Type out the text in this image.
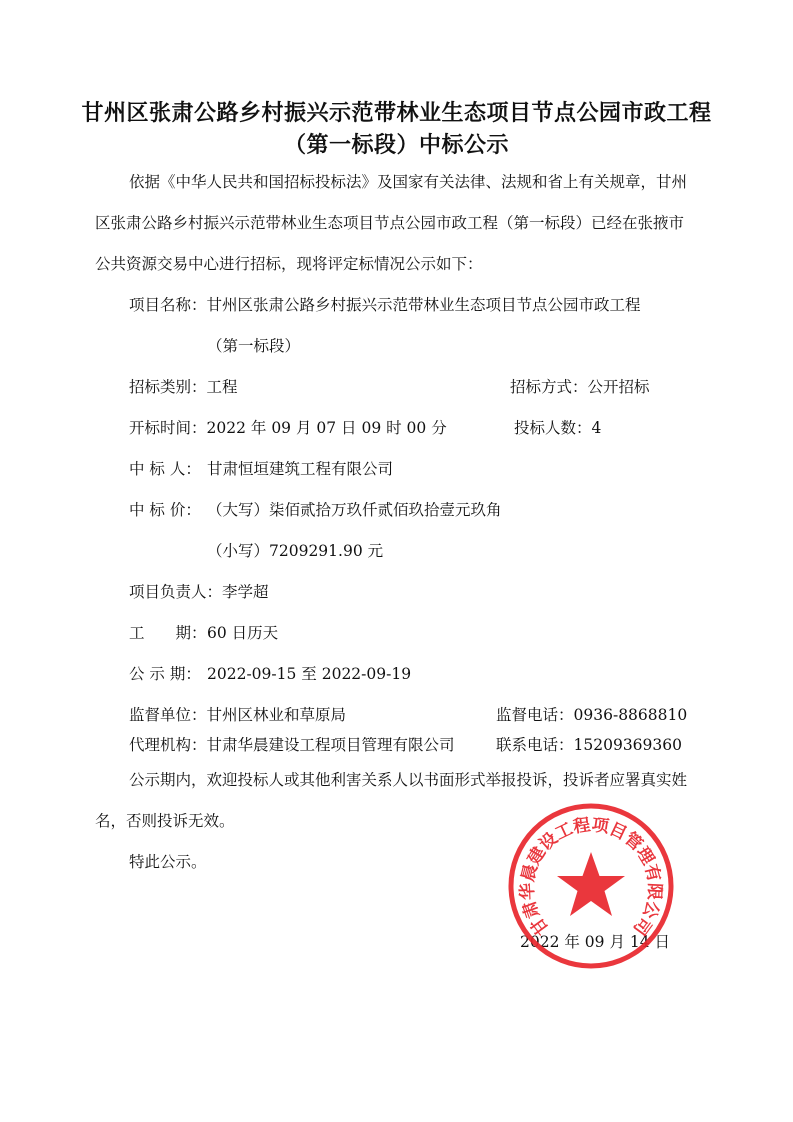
甘州区张肃公路乡村振兴示范带林业生态项目节点公园市政工程
（第一标段）中标公示
依据《中华人民共和国招标投标法》及国家有关法律、法规和省上有关规章，甘州
区张肃公路乡村振兴示范带林业生态项目节点公园市政工程（第一标段）已经在张掖市
公共资源交易中心进行招标，现将评定标情况公示如下：
项目名称：甘州区张肃公路乡村振兴示范带林业生态项目节点公园市政工程
（第一标段）
招标类别：工程	招标方式：公开招标
开标时间：2022 年 09 月 07 日 09 时 00 分	投标人数：4
中 标 人： 甘肃恒垣建筑工程有限公司
中 标 价： （大写）柒佰贰拾万玖仟贰佰玖拾壹元玖角
（小写）7209291.90 元
项目负责人：李学超
工　　期：60 日历天
公 示 期： 2022-09-15 至 2022-09-19
监督单位：甘州区林业和草原局	监督电话：0936-8868810
代理机构：甘肃华晨建设工程项目管理有限公司	联系电话：15209369360
公示期内，欢迎投标人或其他利害关系人以书面形式举报投诉，投诉者应署真实姓
名，否则投诉无效。
特此公示。
2022 年 09 月 14 日
甘肃华晨建设工程项目管理有限公司
